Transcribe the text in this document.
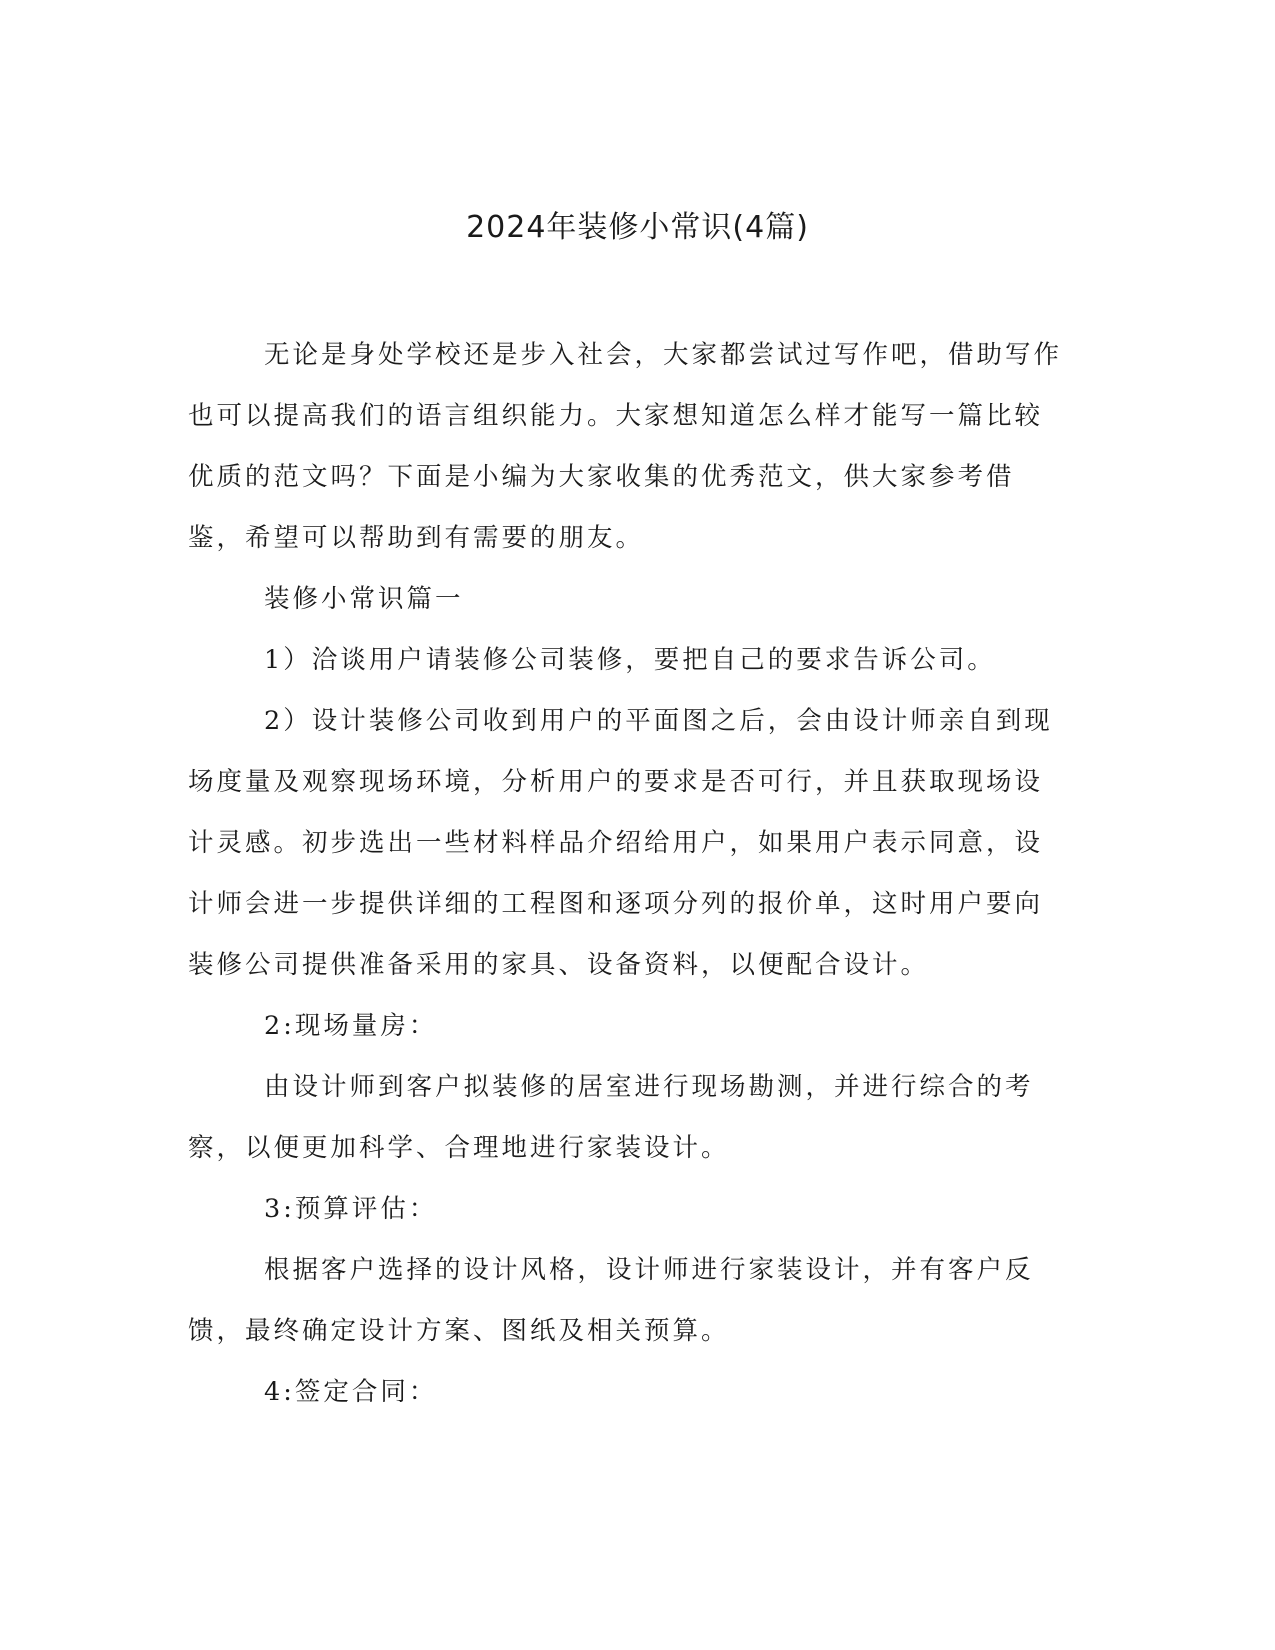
2024年装修小常识(4篇)

无论是身处学校还是步入社会，大家都尝试过写作吧，借助写作也可以提高我们的语言组织能力。大家想知道怎么样才能写一篇比较优质的范文吗？下面是小编为大家收集的优秀范文，供大家参考借鉴，希望可以帮助到有需要的朋友。

装修小常识篇一

1）洽谈用户请装修公司装修，要把自己的要求告诉公司。

2）设计装修公司收到用户的平面图之后，会由设计师亲自到现场度量及观察现场环境，分析用户的要求是否可行，并且获取现场设计灵感。初步选出一些材料样品介绍给用户，如果用户表示同意，设计师会进一步提供详细的工程图和逐项分列的报价单，这时用户要向装修公司提供准备采用的家具、设备资料，以便配合设计。

2:现场量房：

由设计师到客户拟装修的居室进行现场勘测，并进行综合的考察，以便更加科学、合理地进行家装设计。

3:预算评估：

根据客户选择的设计风格，设计师进行家装设计，并有客户反馈，最终确定设计方案、图纸及相关预算。

4:签定合同：
